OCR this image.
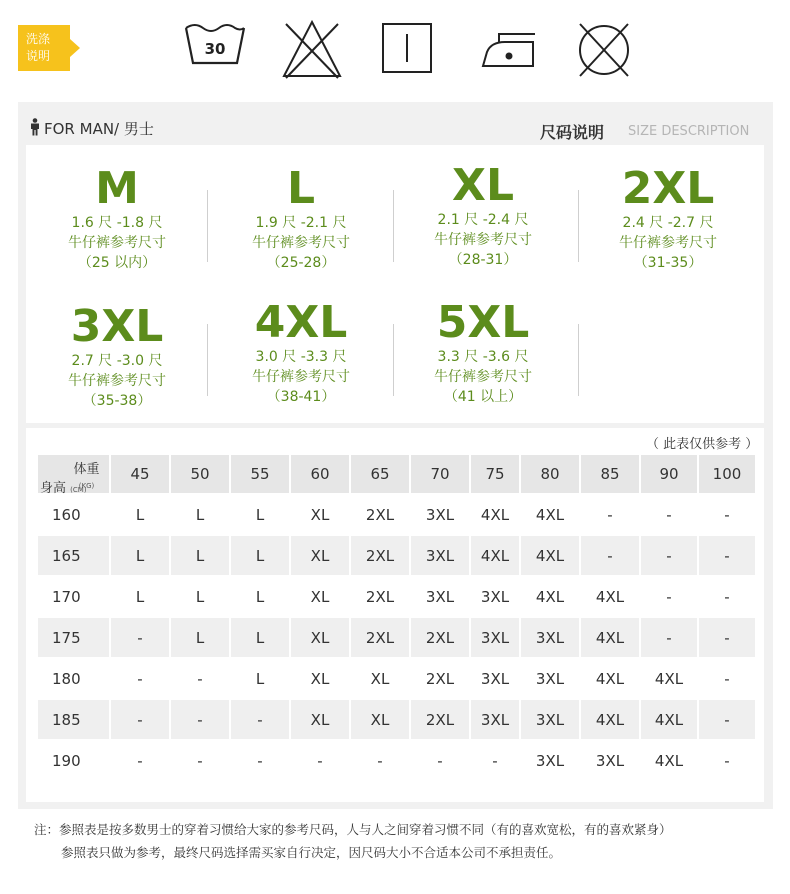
洗涤
说明	30
FOR MAN/ 男士	尺码说明 SIZE DESCRIPTION
M
1.6 尺 -1.8 尺
牛仔裤参考尺寸
（25 以内）
L
1.9 尺 -2.1 尺
牛仔裤参考尺寸
（25-28）
XL
2.1 尺 -2.4 尺
牛仔裤参考尺寸
（28-31）
2XL
2.4 尺 -2.7 尺
牛仔裤参考尺寸
（31-35）
3XL
2.7 尺 -3.0 尺
牛仔裤参考尺寸
（35-38）
4XL
3.0 尺 -3.3 尺
牛仔裤参考尺寸
（38-41）
5XL
3.3 尺 -3.6 尺
牛仔裤参考尺寸
（41 以上）
（ 此表仅供参考 ）
体重 (KG)
身高 (CM)	45	50	55	60	65	70	75	80	85	90	100
160	L	L	L	XL	2XL	3XL	4XL	4XL	-	-	-
165	L	L	L	XL	2XL	3XL	4XL	4XL	-	-	-
170	L	L	L	XL	2XL	3XL	3XL	4XL	4XL	-	-
175	-	L	L	XL	2XL	2XL	3XL	3XL	4XL	-	-
180	-	-	L	XL	XL	2XL	3XL	3XL	4XL	4XL	-
185	-	-	-	XL	XL	2XL	3XL	3XL	4XL	4XL	-
190	-	-	-	-	-	-	-	3XL	3XL	4XL	-
注：参照表是按多数男士的穿着习惯给大家的参考尺码，人与人之间穿着习惯不同（有的喜欢宽松，有的喜欢紧身）
参照表只做为参考，最终尺码选择需买家自行决定，因尺码大小不合适本公司不承担责任。
